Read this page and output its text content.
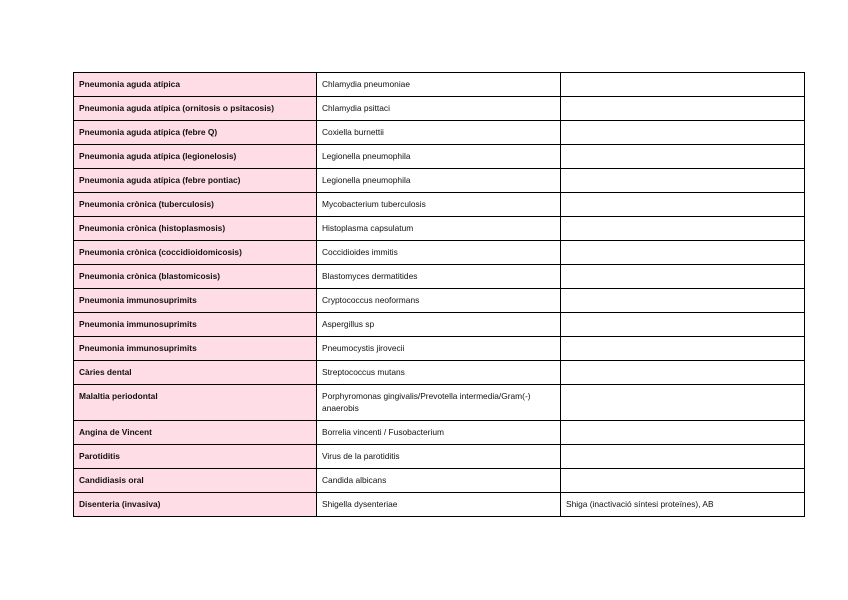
Pneumonia aguda atípica	Chlamydia pneumoniae	
Pneumonia aguda atípica (ornitosis o psitacosis)	Chlamydia psittaci	
Pneumonia aguda atípica (febre Q)	Coxiella burnettii	
Pneumonia aguda atípica (legionelosis)	Legionella pneumophila	
Pneumonia aguda atípica (febre pontiac)	Legionella pneumophila	
Pneumonia crònica (tuberculosis)	Mycobacterium tuberculosis	
Pneumonia crònica (histoplasmosis)	Histoplasma capsulatum	
Pneumonia crònica (coccidioidomicosis)	Coccidioides immitis	
Pneumonia crònica (blastomicosis)	Blastomyces dermatitides	
Pneumonia immunosuprimits	Cryptococcus neoformans	
Pneumonia immunosuprimits	Aspergillus sp	
Pneumonia immunosuprimits	Pneumocystis jirovecii	
Càries dental	Streptococcus mutans	
Malaltia periodontal	Porphyromonas gingivalis/Prevotella intermedia/Gram(-) anaerobis	
Angina de Vincent	Borrelia vincenti / Fusobacterium	
Parotiditis	Virus de la parotiditis	
Candidiasis oral	Candida albicans	
Disenteria (invasiva)	Shigella dysenteriae	Shiga (inactivació síntesi proteïnes), AB
